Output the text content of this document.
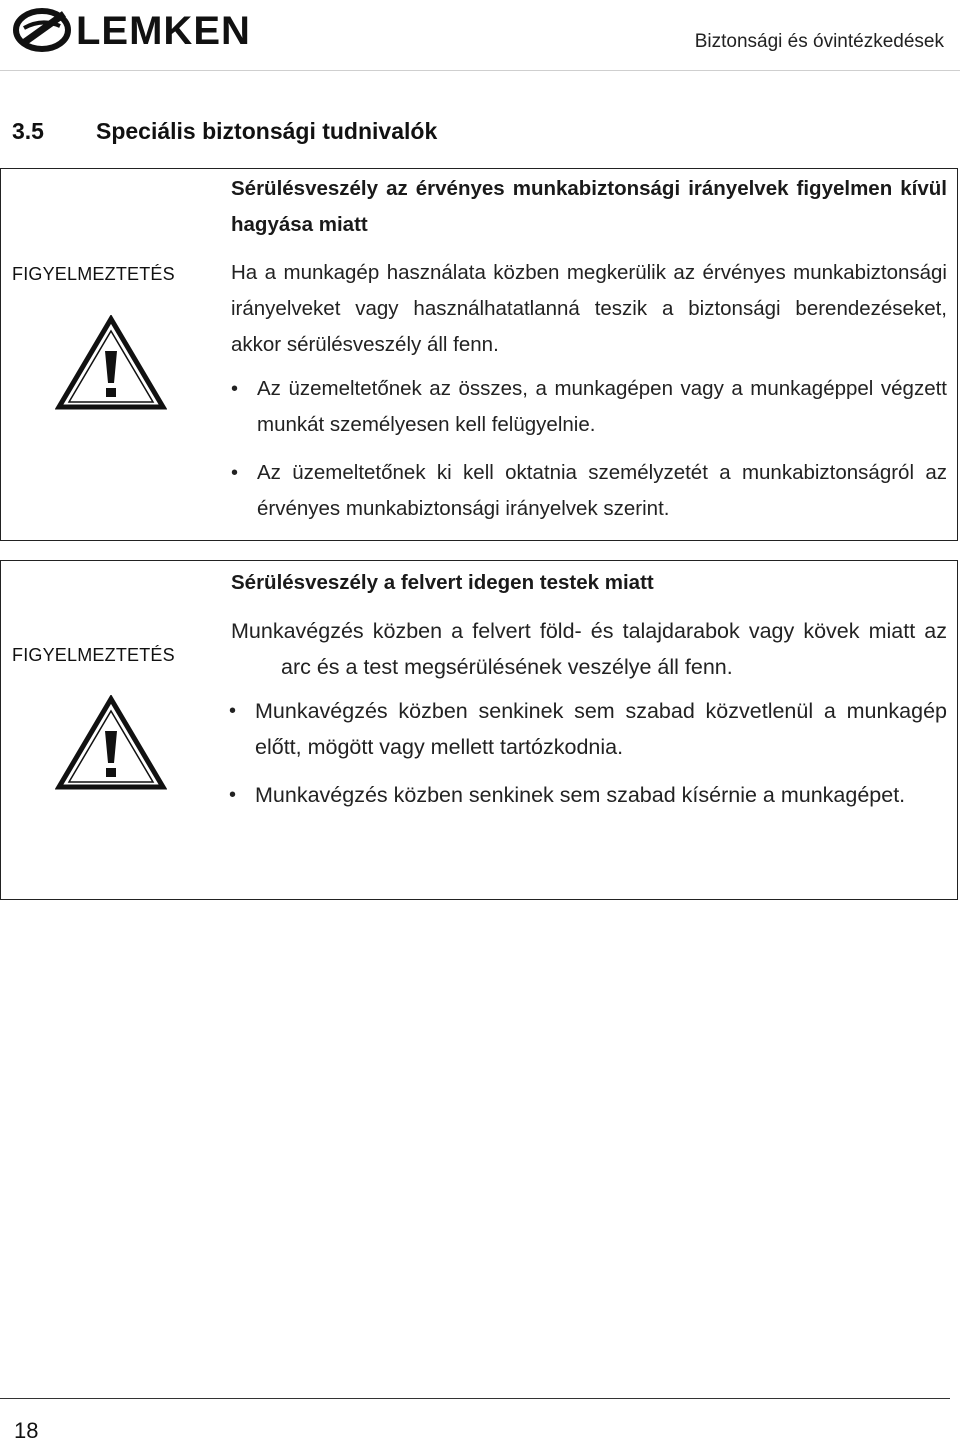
LEMKEN	Biztonsági és óvintézkedések
3.5 Speciális biztonsági tudnivalók
FIGYELMEZTETÉS
Sérülésveszély az érvényes munkabiztonsági irányelvek figyelmen kívül hagyása miatt
Ha a munkagép használata közben megkerülik az érvényes munkabiztonsági irányelveket vagy használhatatlanná teszik a biztonsági berendezéseket, akkor sérülésveszély áll fenn.
• Az üzemeltetőnek az összes, a munkagépen vagy a munkagéppel végzett munkát személyesen kell felügyelnie.
• Az üzemeltetőnek ki kell oktatnia személyzetét a munkabiztonságról az érvényes munkabiztonsági irányelvek szerint.
FIGYELMEZTETÉS
Sérülésveszély a felvert idegen testek miatt
Munkavégzés közben a felvert föld- és talajdarabok vagy kövek miatt az arc és a test megsérülésének veszélye áll fenn.
• Munkavégzés közben senkinek sem szabad közvetlenül a munkagép előtt, mögött vagy mellett tartózkodnia.
• Munkavégzés közben senkinek sem szabad kísérnie a munkagépet.
18
